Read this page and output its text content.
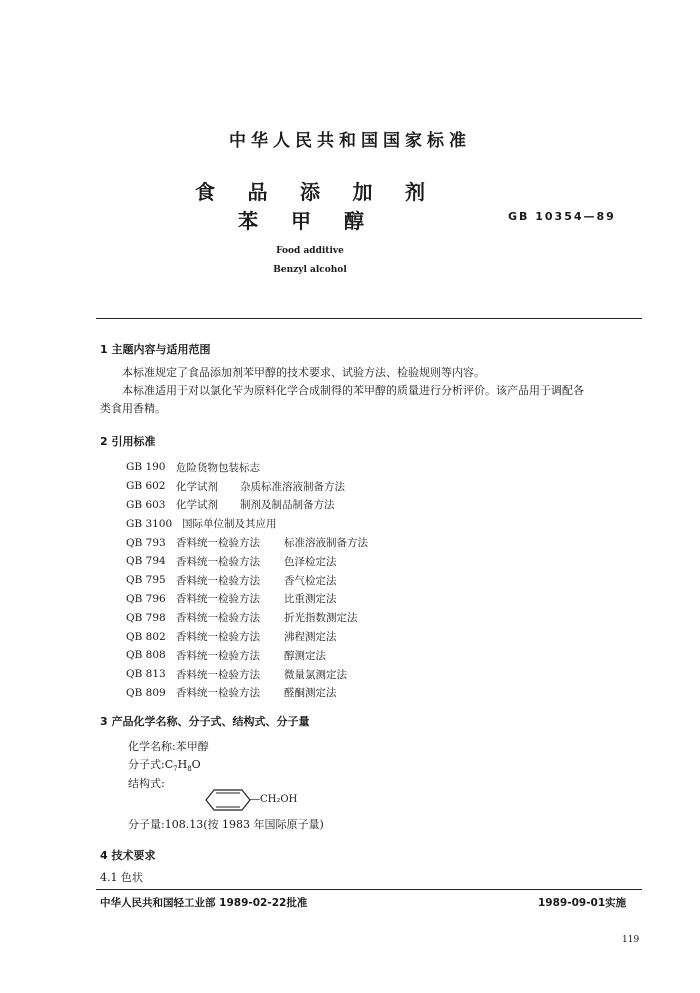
中华人民共和国国家标准
食 品 添 加 剂
苯 甲 醇	GB 10354—89
Food additive
Benzyl alcohol
1 主题内容与适用范围
本标准规定了食品添加剂苯甲醇的技术要求、试验方法、检验规则等内容。
本标准适用于对以氯化苄为原料化学合成制得的苯甲醇的质量进行分析评价。该产品用于调配各
类食用香精。
2 引用标准
GB 190	危险货物包装标志
GB 602	化学试剂	杂质标准溶液制备方法
GB 603	化学试剂	制剂及制品制备方法
GB 3100 国际单位制及其应用
QB 793 香料统一检验方法	标准溶液制备方法
QB 794 香料统一检验方法	色泽检定法
QB 795 香料统一检验方法	香气检定法
QB 796 香料统一检验方法	比重测定法
QB 798 香料统一检验方法	折光指数测定法
QB 802 香料统一检验方法	沸程测定法
QB 808 香料统一检验方法	醇测定法
QB 813 香料统一检验方法	微量氯测定法
QB 809 香料统一检验方法	醛酮测定法
3 产品化学名称、分子式、结构式、分子量
化学名称:苯甲醇
分子式$:C_7H_8O$
结构式:
—CH₂OH
分子量:108.13(按 1983 年国际原子量)
4 技术要求
4.1 色状
中华人民共和国轻工业部 1989-02-22批准	1989-09-01实施
119
